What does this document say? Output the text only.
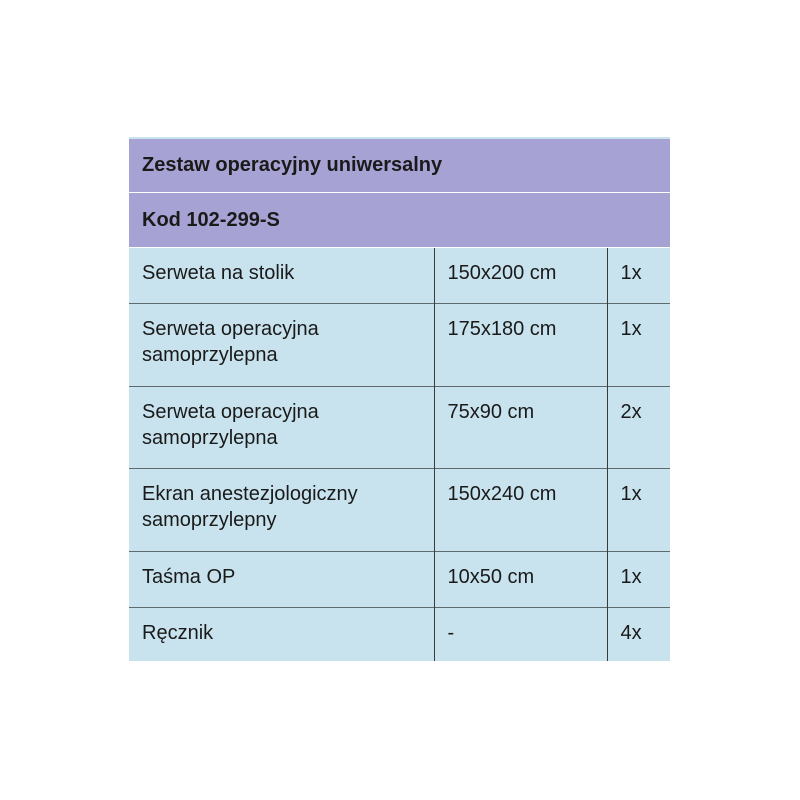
Zestaw operacyjny uniwersalny		
Kod 102-299-S		
Serweta na stolik	150x200 cm	1x
Serweta operacyjna samoprzylepna	175x180 cm	1x
Serweta operacyjna samoprzylepna	75x90 cm	2x
Ekran anestezjologiczny samoprzylepny	150x240 cm	1x
Taśma OP	10x50 cm	1x
Ręcznik	-	4x
